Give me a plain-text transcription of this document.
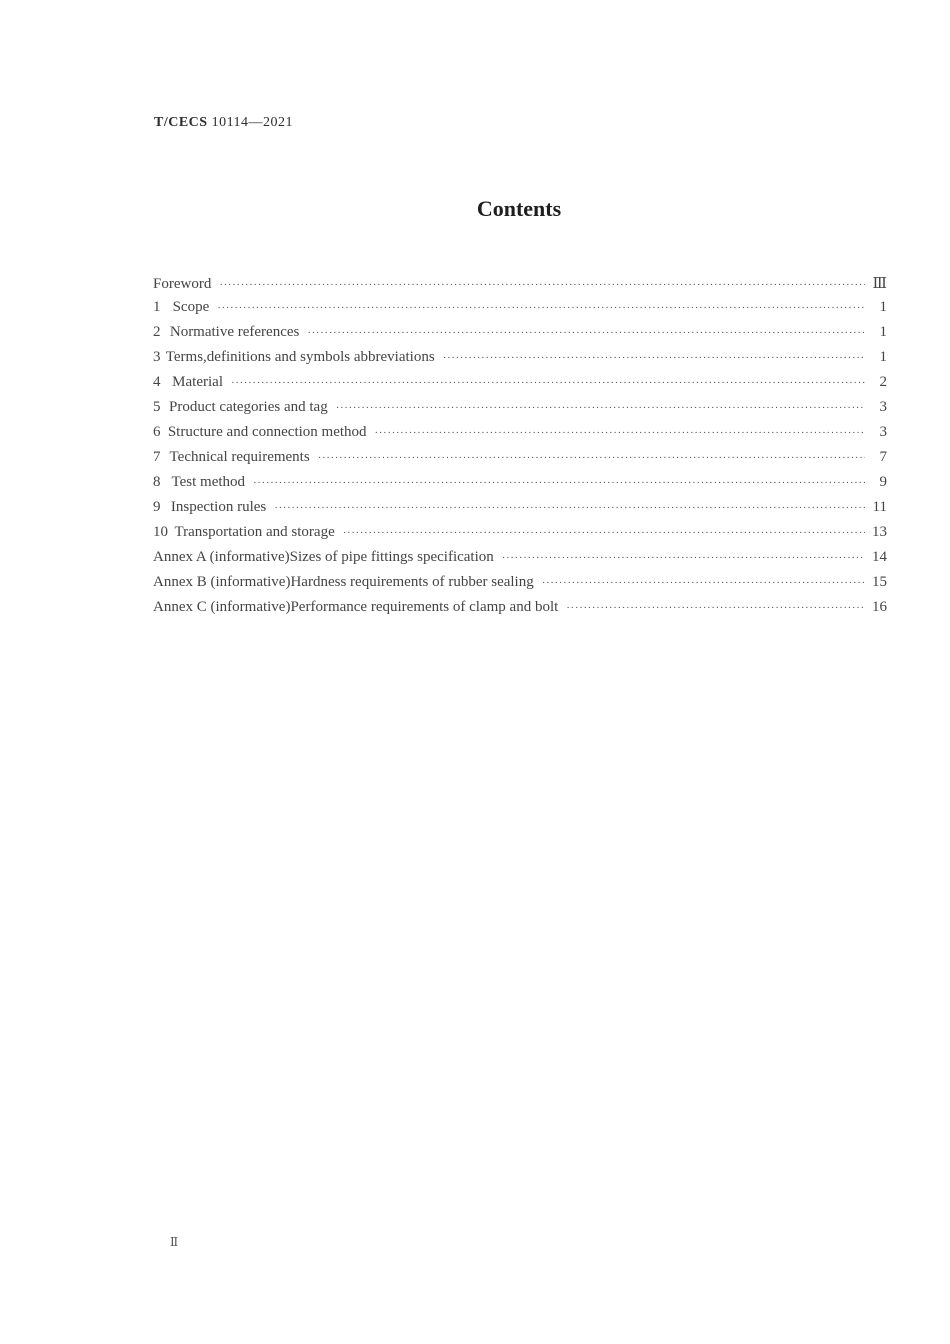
T/CECS 10114—2021
Contents
Foreword ·····	Ⅲ
1 Scope ·····	1
2 Normative references ·····	1
3 Terms,definitions and symbols abbreviations ·····	1
4 Material ·····	2
5 Product categories and tag ·····	3
6 Structure and connection method ·····	3
7 Technical requirements ·····	7
8 Test method ·····	9
9 Inspection rules ·····	11
10 Transportation and storage ·····	13
Annex A (informative) Sizes of pipe fittings specification ·····	14
Annex B (informative) Hardness requirements of rubber sealing ·····	15
Annex C (informative) Performance requirements of clamp and bolt ·····	16
Ⅱ
